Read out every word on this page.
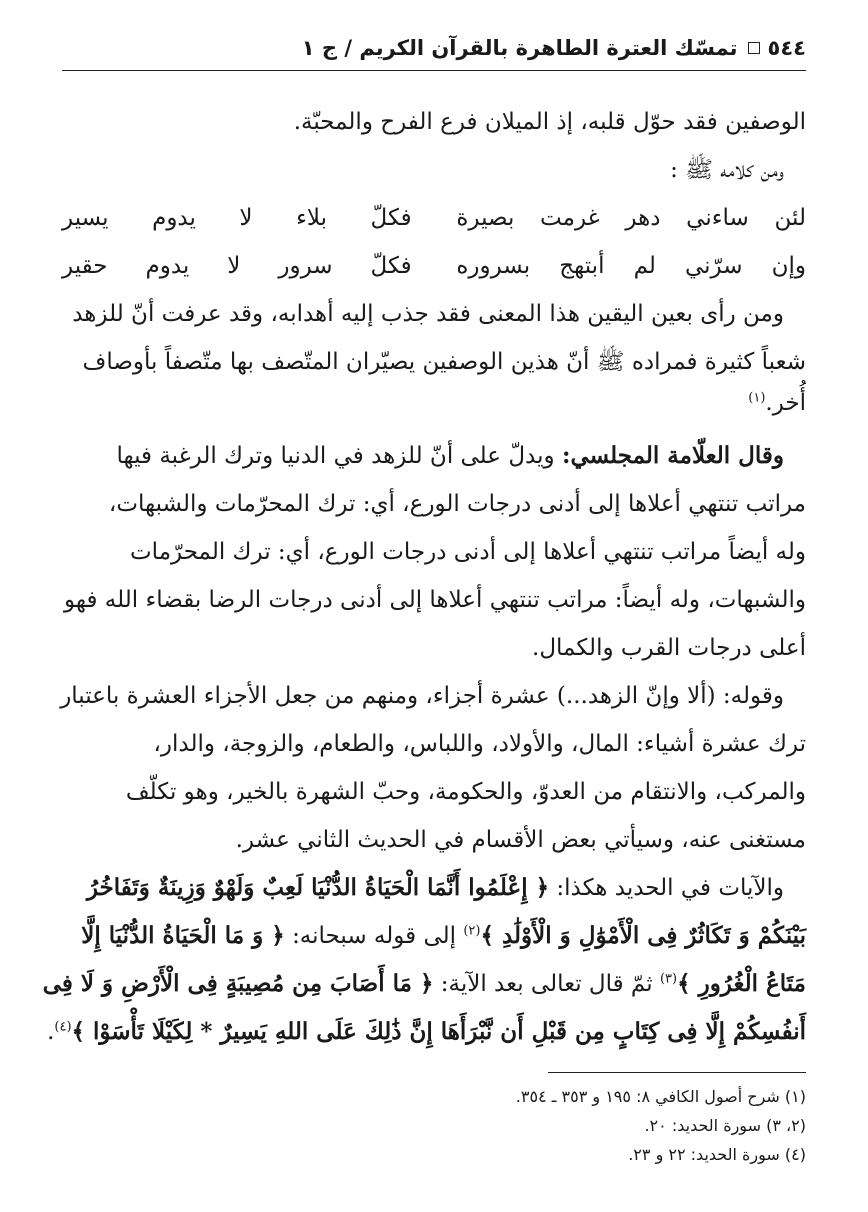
٥٤٤
تمسّك العترة الطاهرة بالقرآن الكريم / ج ١
الوصفين فقد حوّل قلبه، إذ الميلان فرع الفرح والمحبّة.
ومن كلامه ﷺ :
لئن ساءني دهر غرمت بصيرة
فكلّ بلاء لا يدوم يسير
وإن سرّني لم أبتهج بسروره
فكلّ سرور لا يدوم حقير
ومن رأى بعين اليقين هذا المعنى فقد جذب إليه أهدابه، وقد عرفت أنّ للزهد
شعباً كثيرة فمراده ﷺ أنّ هذين الوصفين يصيّران المتّصف بها متّصفاً بأوصاف
أُخر.$^{(١)}$
وقال العلّامة المجلسي: ويدلّ على أنّ للزهد في الدنيا وترك الرغبة فيها
مراتب تنتهي أعلاها إلى أدنى درجات الورع، أي: ترك المحرّمات والشبهات،
وله أيضاً مراتب تنتهي أعلاها إلى أدنى درجات الورع، أي: ترك المحرّمات
والشبهات، وله أيضاً: مراتب تنتهي أعلاها إلى أدنى درجات الرضا بقضاء الله فهو
أعلى درجات القرب والكمال.
وقوله: (ألا وإنّ الزهد...) عشرة أجزاء، ومنهم من جعل الأجزاء العشرة باعتبار
ترك عشرة أشياء: المال، والأولاد، واللباس، والطعام، والزوجة، والدار،
والمركب، والانتقام من العدوّ، والحكومة، وحبّ الشهرة بالخير، وهو تكلّف
مستغنى عنه، وسيأتي بعض الأقسام في الحديث الثاني عشر.
والآيات في الحديد هكذا: ﴿ إِعْلَمُوا أَنَّمَا الْحَيَاةُ الدُّنْيَا لَعِبٌ وَلَهْوٌ وَزِينَةٌ وَتَفَاخُرُ
بَيْنَكُمْ وَ تَكَاثُرٌ فِى الْأَمْوَٰلِ وَ الْأَوْلَٰدِ ﴾$^{(٢)}$ إلى قوله سبحانه: ﴿ وَ مَا الْحَيَاةُ الدُّنْيَا إِلَّا
مَتَاعُ الْغُرُورِ ﴾$^{(٣)}$ ثمّ قال تعالى بعد الآية: ﴿ مَا أَصَابَ مِن مُصِيبَةٍ فِى الْأَرْضِ وَ لَا فِى
أَنفُسِكُمْ إِلَّا فِى كِتَابٍ مِن قَبْلِ أَن نَّبْرَأَهَا إِنَّ ذَٰلِكَ عَلَى اللهِ يَسِيرٌ * لِكَيْلَا تَأْسَوْا ﴾$^{(٤)}$.
(١) شرح أصول الكافي ٨: ١٩٥ و ٣٥٣ ـ ٣٥٤.
(٢، ٣) سورة الحديد: ٢٠.
(٤) سورة الحديد: ٢٢ و ٢٣.
